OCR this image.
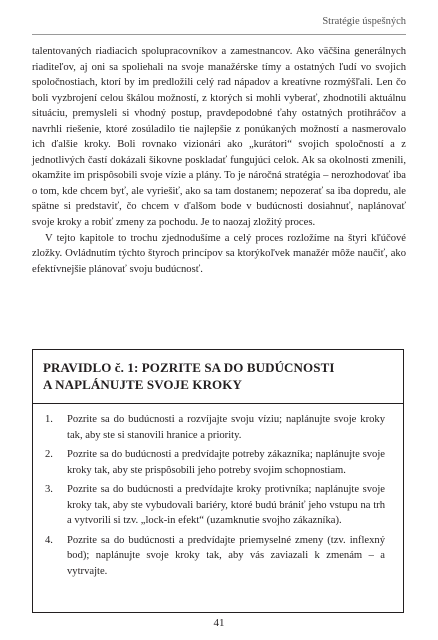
Stratégie úspešných

talentovaných riadiacich spolupracovníkov a zamestnancov. Ako väčšina generálnych riaditeľov, aj oni sa spoliehali na svoje manažérske tímy a ostatných ľudí vo svojich spoločnostiach, ktorí by im predložili celý rad nápadov a kreatívne rozmýšľali. Len čo boli vyzbrojení celou škálou možností, z ktorých si mohli vyberať, zhodnotili aktuálnu situáciu, premysleli si vhodný postup, pravdepodobné ťahy ostatných protihráčov a navrhli riešenie, ktoré zosúladilo tie najlepšie z ponúkaných možností a nasmerovalo ich ďalšie kroky. Boli rovnako vizionári ako „kurátori“ svojich spoločností a z jednotlivých častí dokázali šikovne poskladať fungujúci celok. Ak sa okolnosti zmenili, okamžite im prispôsobili svoje vízie a plány. To je náročná stratégia – nerozhodovať iba o tom, kde chcem byť, ale vyriešiť, ako sa tam dostanem; nepozerať sa iba dopredu, ale spätne si predstaviť, čo chcem v ďalšom bode v budúcnosti dosiahnuť, naplánovať svoje kroky a robiť zmeny za pochodu. Je to naozaj zložitý proces.

V tejto kapitole to trochu zjednodušíme a celý proces rozložíme na štyri kľúčové zložky. Ovládnutím týchto štyroch princípov sa ktorýkoľvek manažér môže naučiť, ako efektívnejšie plánovať svoju budúcnosť.

PRAVIDLO č. 1: POZRITE SA DO BUDÚCNOSTI
A NAPLÁNUJTE SVOJE KROKY
1. Pozrite sa do budúcnosti a rozvíjajte svoju víziu; naplánujte svoje kroky tak, aby ste si stanovili hranice a priority.
2. Pozrite sa do budúcnosti a predvídajte potreby zákazníka; naplánujte svoje kroky tak, aby ste prispôsobili jeho potreby svojim schopnostiam.
3. Pozrite sa do budúcnosti a predvídajte kroky protivníka; naplánujte svoje kroky tak, aby ste vybudovali bariéry, ktoré budú brániť jeho vstupu na trh a vytvorili si tzv. „lock-in efekt“ (uzamknutie svojho zákazníka).
4. Pozrite sa do budúcnosti a predvídajte priemyselné zmeny (tzv. inflexný bod); naplánujte svoje kroky tak, aby vás zaviazali k zmenám – a vytrvajte.
41
